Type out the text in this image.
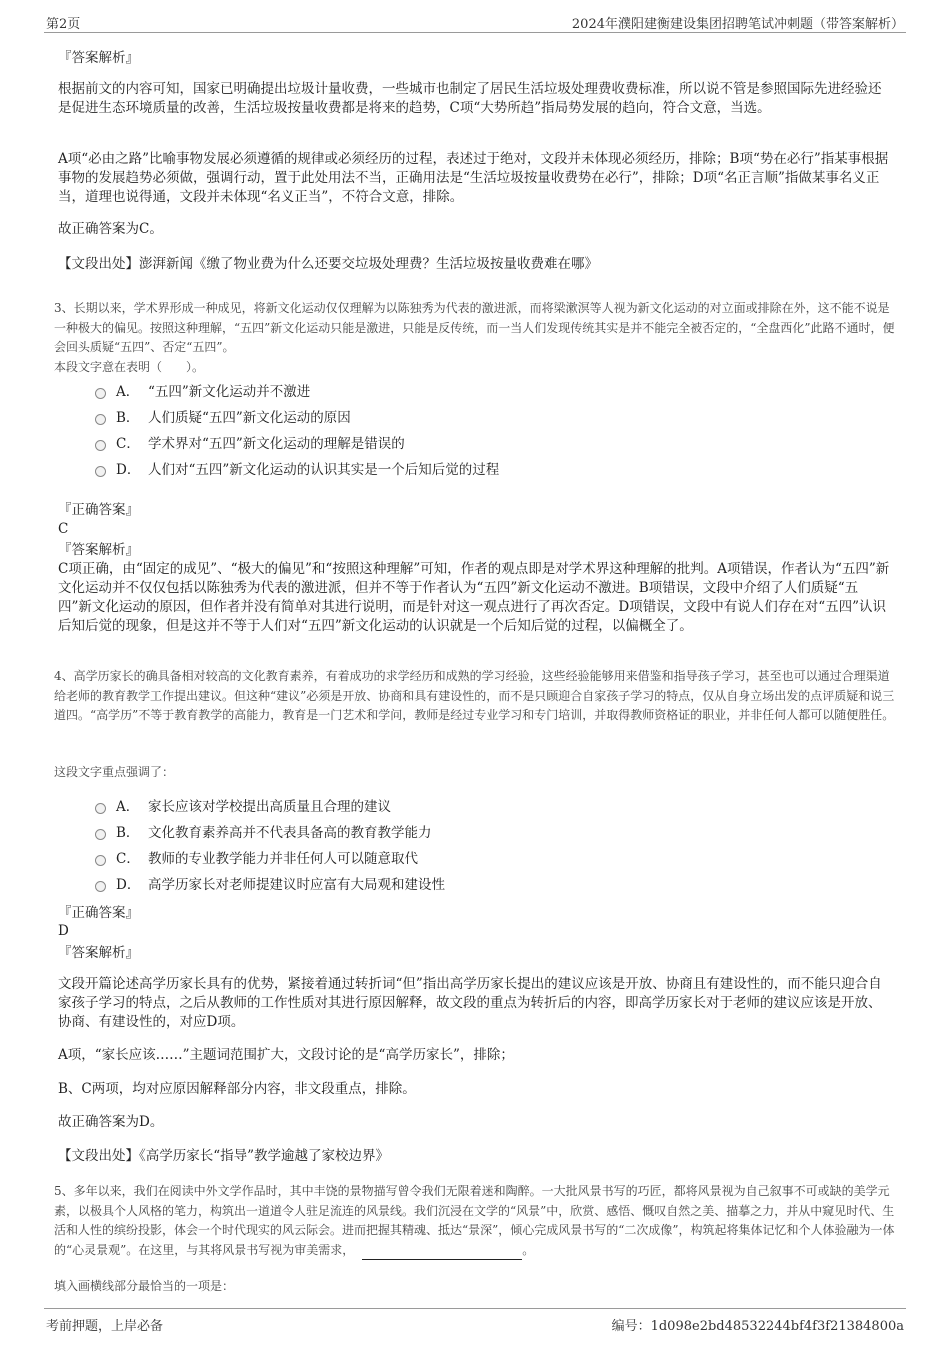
第2页	2024年濮阳建衡建设集团招聘笔试冲刺题（带答案解析）
『答案解析』

根据前文的内容可知，国家已明确提出垃圾计量收费，一些城市也制定了居民生活垃圾处理费收费标准，所以说不管是参照国际先进经验还是促进生态环境质量的改善，生活垃圾按量收费都是将来的趋势，C项“大势所趋”指局势发展的趋向，符合文意，当选。

A项“必由之路”比喻事物发展必须遵循的规律或必须经历的过程，表述过于绝对，文段并未体现必须经历，排除；B项“势在必行”指某事根据事物的发展趋势必须做，强调行动，置于此处用法不当，正确用法是“生活垃圾按量收费势在必行”，排除；D项“名正言顺”指做某事名义正当，道理也说得通，文段并未体现“名义正当”，不符合文意，排除。

故正确答案为C。

【文段出处】澎湃新闻《缴了物业费为什么还要交垃圾处理费？生活垃圾按量收费难在哪》

3、长期以来，学术界形成一种成见，将新文化运动仅仅理解为以陈独秀为代表的激进派，而将梁漱溟等人视为新文化运动的对立面或排除在外，这不能不说是一种极大的偏见。按照这种理解，“五四”新文化运动只能是激进，只能是反传统，而一当人们发现传统其实是并不能完全被否定的，“全盘西化”此路不通时，便会回头质疑“五四”、否定“五四”。

本段文字意在表明（　　）。

A． “五四”新文化运动并不激进
B． 人们质疑“五四”新文化运动的原因
C． 学术界对“五四”新文化运动的理解是错误的
D． 人们对“五四”新文化运动的认识其实是一个后知后觉的过程
『正确答案』
C
『答案解析』

C项正确，由“固定的成见”、“极大的偏见”和“按照这种理解”可知，作者的观点即是对学术界这种理解的批判。A项错误，作者认为“五四”新文化运动并不仅仅包括以陈独秀为代表的激进派，但并不等于作者认为“五四”新文化运动不激进。B项错误，文段中介绍了人们质疑“五四”新文化运动的原因，但作者并没有简单对其进行说明，而是针对这一观点进行了再次否定。D项错误，文段中有说人们存在对“五四”认识后知后觉的现象，但是这并不等于人们对“五四”新文化运动的认识就是一个后知后觉的过程，以偏概全了。

4、高学历家长的确具备相对较高的文化教育素养，有着成功的求学经历和成熟的学习经验，这些经验能够用来借鉴和指导孩子学习，甚至也可以通过合理渠道给老师的教育教学工作提出建议。但这种“建议”必须是开放、协商和具有建设性的，而不是只顾迎合自家孩子学习的特点，仅从自身立场出发的点评质疑和说三道四。“高学历”不等于教育教学的高能力，教育是一门艺术和学问，教师是经过专业学习和专门培训，并取得教师资格证的职业，并非任何人都可以随便胜任。

这段文字重点强调了：

A． 家长应该对学校提出高质量且合理的建议
B． 文化教育素养高并不代表具备高的教育教学能力
C． 教师的专业教学能力并非任何人可以随意取代
D． 高学历家长对老师提建议时应富有大局观和建设性
『正确答案』
D
『答案解析』

文段开篇论述高学历家长具有的优势，紧接着通过转折词“但”指出高学历家长提出的建议应该是开放、协商且有建设性的，而不能只迎合自家孩子学习的特点，之后从教师的工作性质对其进行原因解释，故文段的重点为转折后的内容，即高学历家长对于老师的建议应该是开放、协商、有建设性的，对应D项。

A项，“家长应该……”主题词范围扩大，文段讨论的是“高学历家长”，排除；

B、C两项，均对应原因解释部分内容，非文段重点，排除。

故正确答案为D。

【文段出处】《高学历家长“指导”教学逾越了家校边界》

5、多年以来，我们在阅读中外文学作品时，其中丰饶的景物描写曾令我们无限着迷和陶醉。一大批风景书写的巧匠，都将风景视为自己叙事不可或缺的美学元素，以极具个人风格的笔力，构筑出一道道令人驻足流连的风景线。我们沉浸在文学的“风景”中，欣赏、感悟、慨叹自然之美、描摹之力，并从中窥见时代、生活和人性的缤纷投影，体会一个时代现实的风云际会。进而把握其精魂、抵达“景深”，倾心完成风景书写的“二次成像”，构筑起将集体记忆和个人体验融为一体的“心灵景观”。在这里，与其将风景书写视为审美需求，	。

填入画横线部分最恰当的一项是：

考前押题，上岸必备	编号：1d098e2bd48532244bf4f3f21384800a
